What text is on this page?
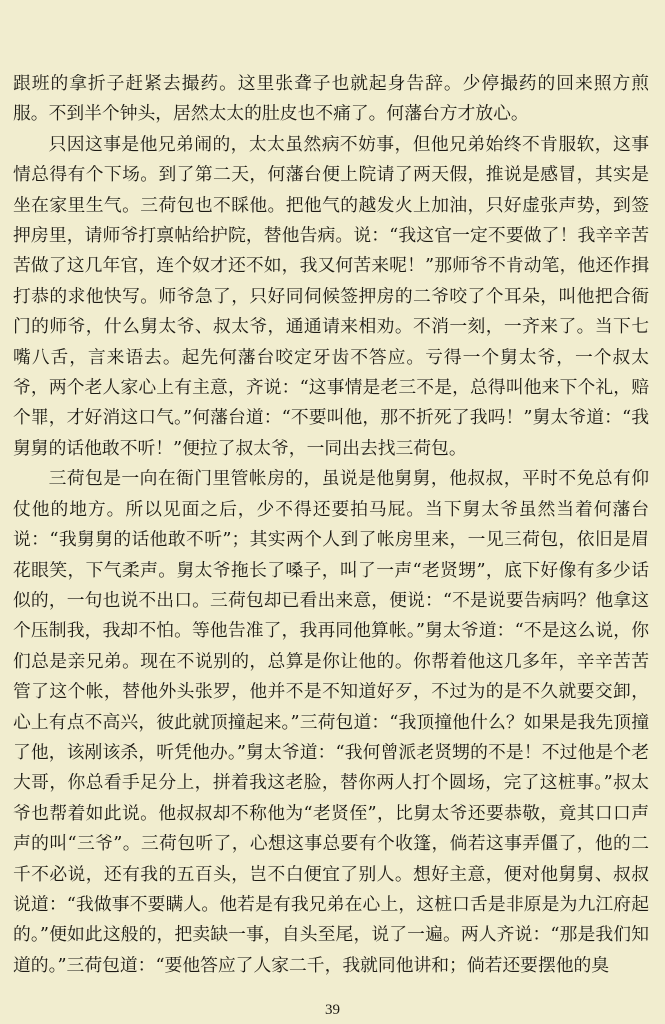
跟班的拿折子赶紧去撮药。这里张聋子也就起身告辞。少停撮药的回来照方煎服。不到半个钟头，居然太太的肚皮也不痛了。何藩台方才放心。

只因这事是他兄弟闹的，太太虽然病不妨事，但他兄弟始终不肯服软，这事情总得有个下场。到了第二天，何藩台便上院请了两天假，推说是感冒，其实是坐在家里生气。三荷包也不睬他。把他气的越发火上加油，只好虚张声势，到签押房里，请师爷打禀帖给护院，替他告病。说：“我这官一定不要做了！我辛辛苦苦做了这几年官，连个奴才还不如，我又何苦来呢！”那师爷不肯动笔，他还作揖打恭的求他快写。师爷急了，只好同伺候签押房的二爷咬了个耳朵，叫他把合衙门的师爷，什么舅太爷、叔太爷，通通请来相劝。不消一刻，一齐来了。当下七嘴八舌，言来语去。起先何藩台咬定牙齿不答应。亏得一个舅太爷，一个叔太爷，两个老人家心上有主意，齐说：“这事情是老三不是，总得叫他来下个礼，赔个罪，才好消这口气。”何藩台道：“不要叫他，那不折死了我吗！”舅太爷道：“我舅舅的话他敢不听！”便拉了叔太爷，一同出去找三荷包。

三荷包是一向在衙门里管帐房的，虽说是他舅舅，他叔叔，平时不免总有仰仗他的地方。所以见面之后，少不得还要拍马屁。当下舅太爷虽然当着何藩台说：“我舅舅的话他敢不听”；其实两个人到了帐房里来，一见三荷包，依旧是眉花眼笑，下气柔声。舅太爷拖长了嗓子，叫了一声“老贤甥”，底下好像有多少话似的，一句也说不出口。三荷包却已看出来意，便说：“不是说要告病吗？他拿这个压制我，我却不怕。等他告准了，我再同他算帐。”舅太爷道：“不是这么说，你们总是亲兄弟。现在不说别的，总算是你让他的。你帮着他这几多年，辛辛苦苦管了这个帐，替他外头张罗，他并不是不知道好歹，不过为的是不久就要交卸，心上有点不高兴，彼此就顶撞起来。”三荷包道：“我顶撞他什么？如果是我先顶撞了他，该剐该杀，听凭他办。”舅太爷道：“我何曾派老贤甥的不是！不过他是个老大哥，你总看手足分上，拼着我这老脸，替你两人打个圆场，完了这桩事。”叔太爷也帮着如此说。他叔叔却不称他为“老贤侄”，比舅太爷还要恭敬，竟其口口声声的叫“三爷”。三荷包听了，心想这事总要有个收篷，倘若这事弄僵了，他的二千不必说，还有我的五百头，岂不白便宜了别人。想好主意，便对他舅舅、叔叔说道：“我做事不要瞒人。他若是有我兄弟在心上，这桩口舌是非原是为九江府起的。”便如此这般的，把卖缺一事，自头至尾，说了一遍。两人齐说：“那是我们知道的。”三荷包道：“要他答应了人家二千，我就同他讲和；倘若还要摆他的臭

39
